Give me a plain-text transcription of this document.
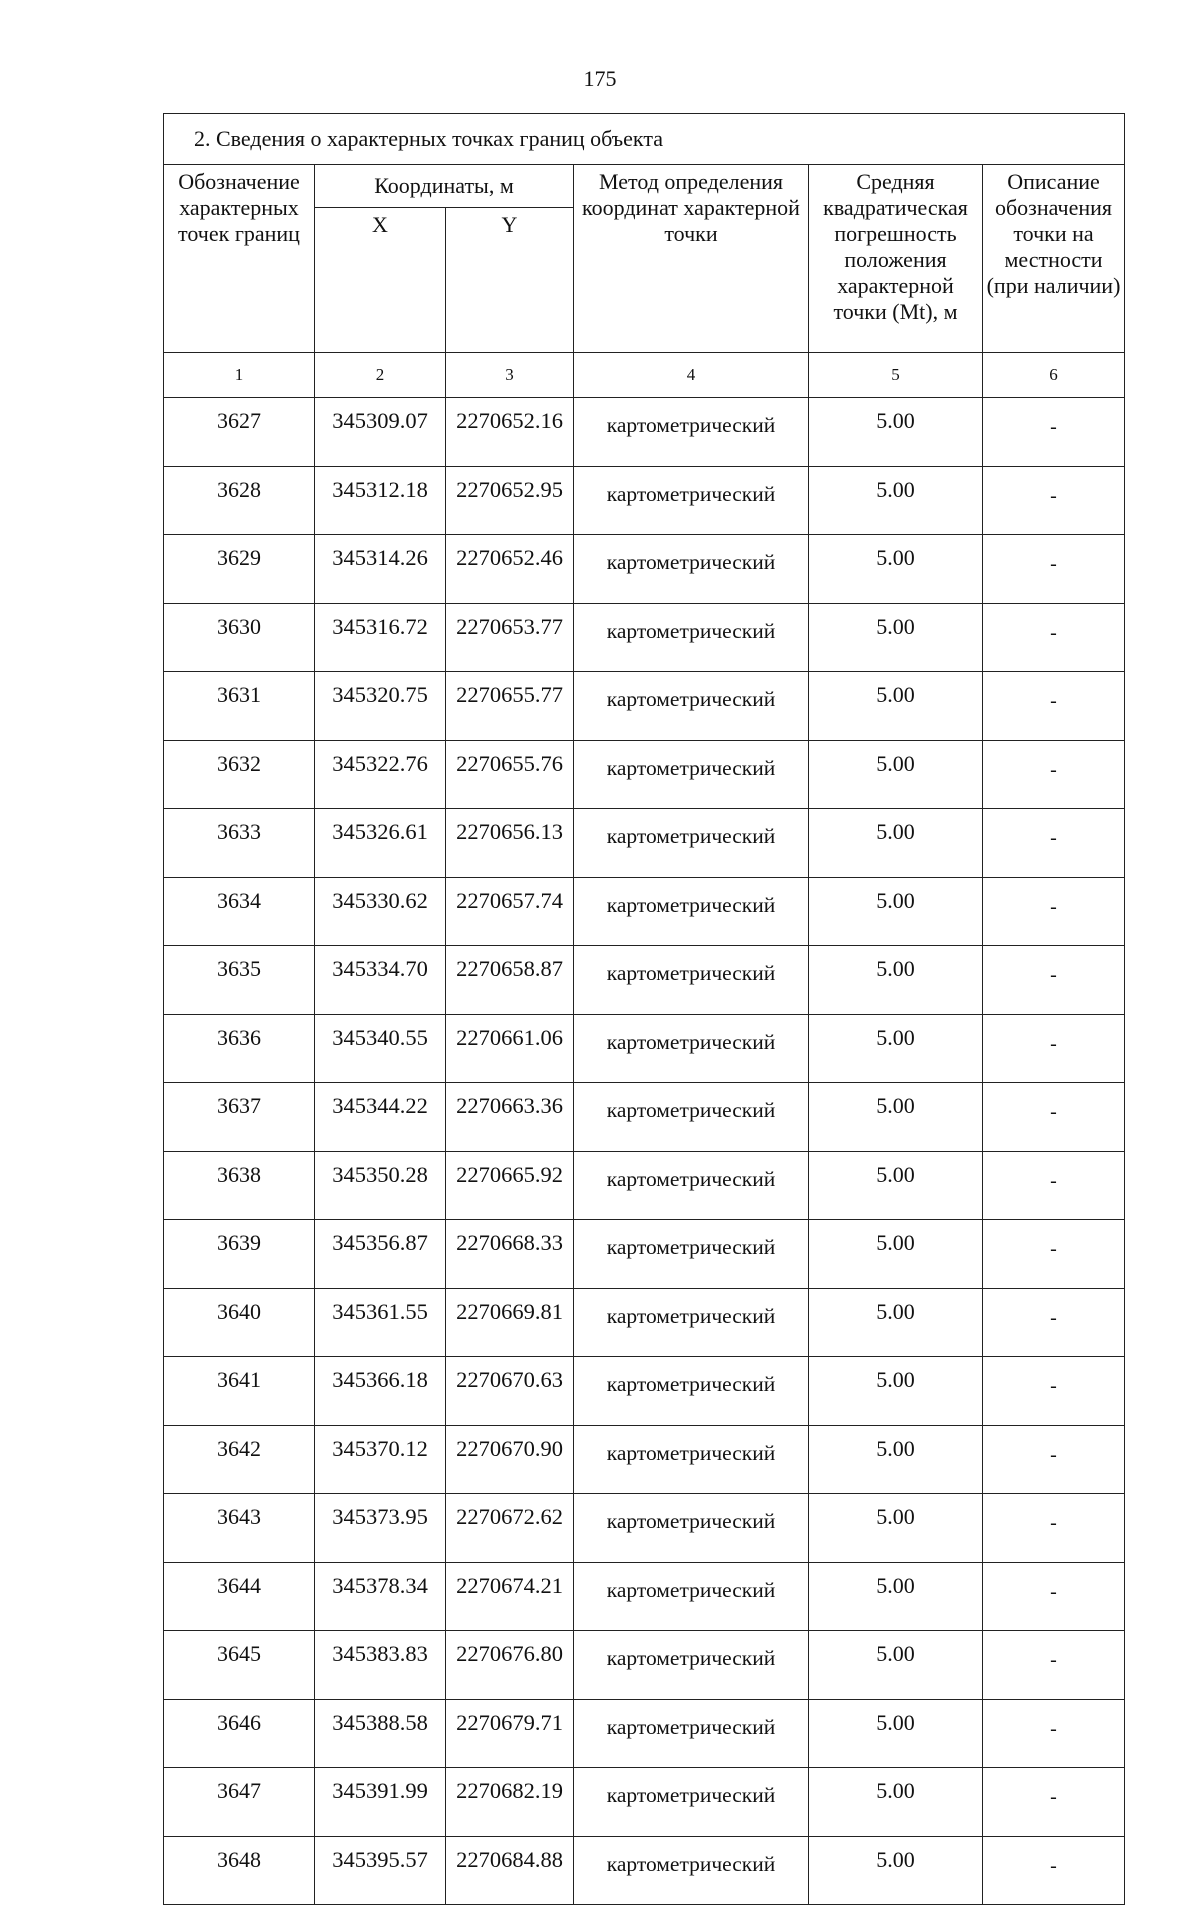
175
2. Сведения о характерных точках границ объекта					
Обозначение характерных точек границ	Координаты, м		Метод определения координат характерной точки	Средняя квадратическая погрешность положения характерной точки (Mt), м	Описание обозначения точки на местности (при наличии)
	X	Y			
1	2	3	4	5	6
3627	345309.07	2270652.16	картометрический	5.00	-
3628	345312.18	2270652.95	картометрический	5.00	-
3629	345314.26	2270652.46	картометрический	5.00	-
3630	345316.72	2270653.77	картометрический	5.00	-
3631	345320.75	2270655.77	картометрический	5.00	-
3632	345322.76	2270655.76	картометрический	5.00	-
3633	345326.61	2270656.13	картометрический	5.00	-
3634	345330.62	2270657.74	картометрический	5.00	-
3635	345334.70	2270658.87	картометрический	5.00	-
3636	345340.55	2270661.06	картометрический	5.00	-
3637	345344.22	2270663.36	картометрический	5.00	-
3638	345350.28	2270665.92	картометрический	5.00	-
3639	345356.87	2270668.33	картометрический	5.00	-
3640	345361.55	2270669.81	картометрический	5.00	-
3641	345366.18	2270670.63	картометрический	5.00	-
3642	345370.12	2270670.90	картометрический	5.00	-
3643	345373.95	2270672.62	картометрический	5.00	-
3644	345378.34	2270674.21	картометрический	5.00	-
3645	345383.83	2270676.80	картометрический	5.00	-
3646	345388.58	2270679.71	картометрический	5.00	-
3647	345391.99	2270682.19	картометрический	5.00	-
3648	345395.57	2270684.88	картометрический	5.00	-
